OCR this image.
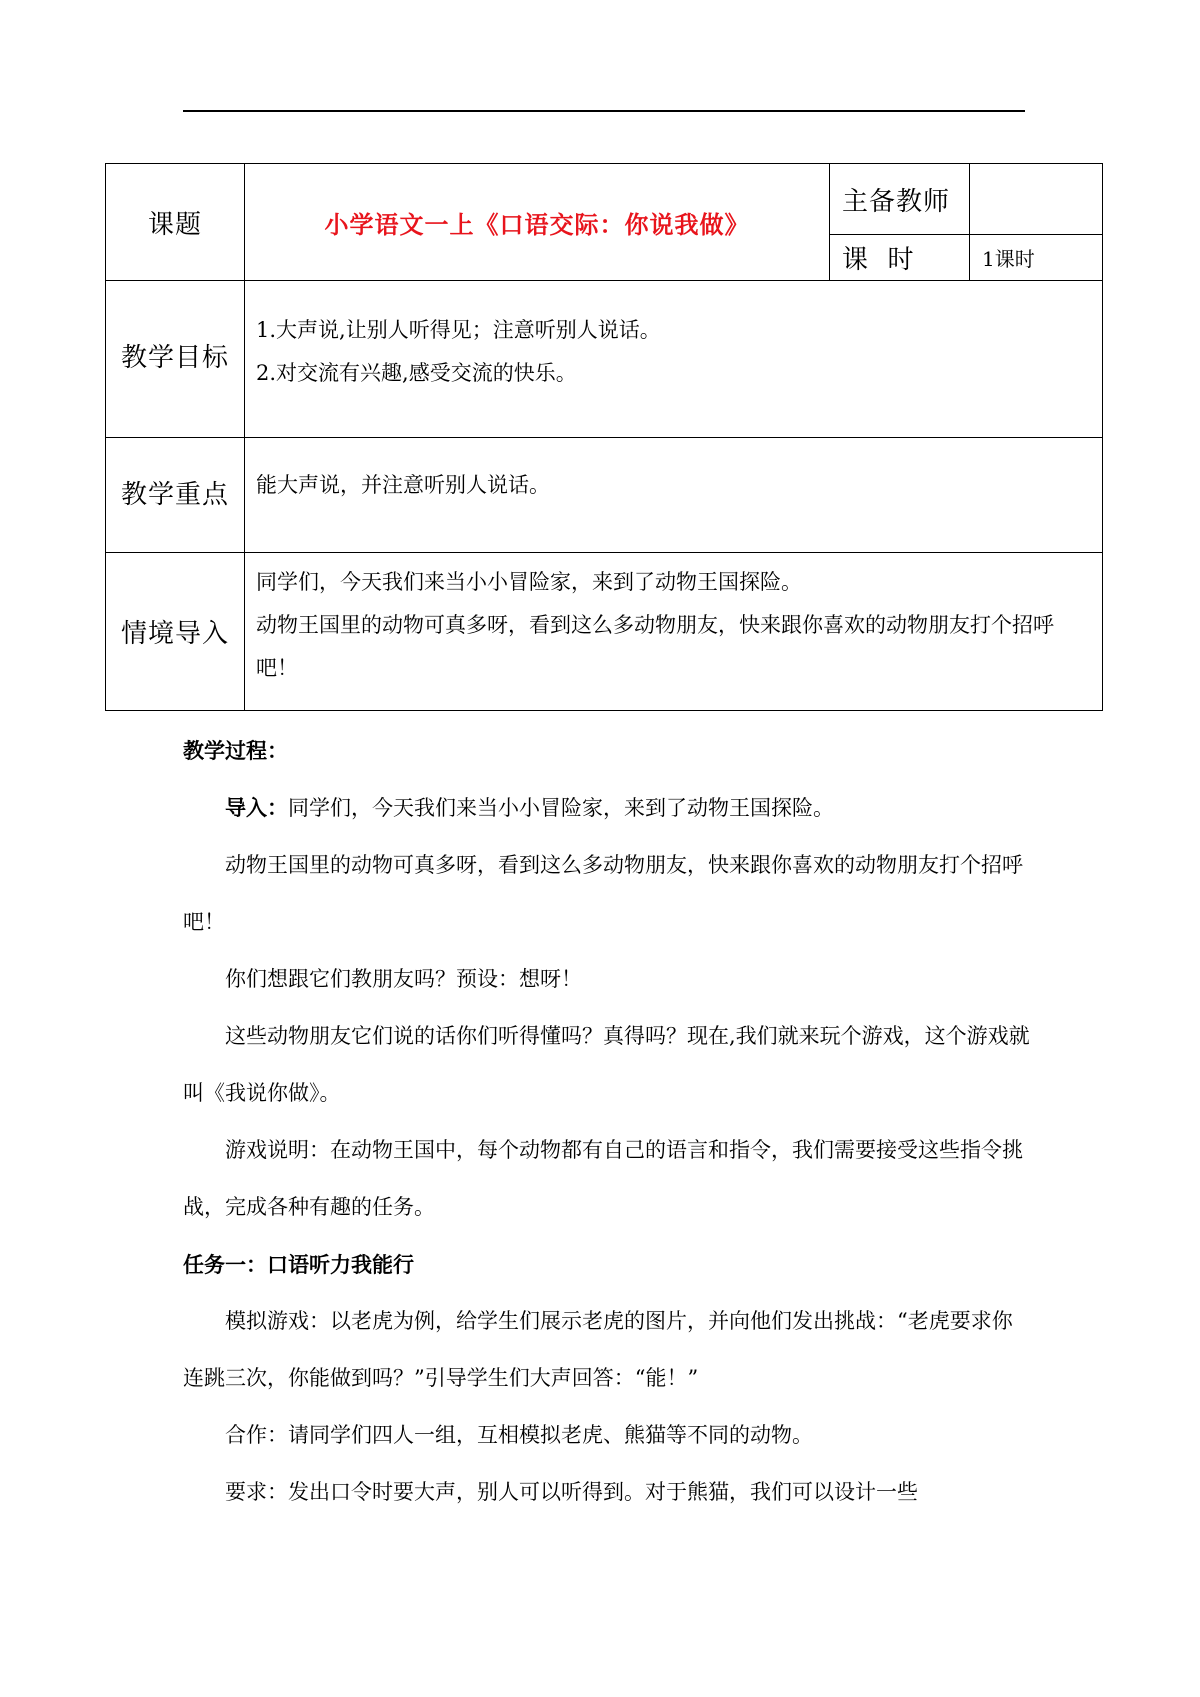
课题	小学语文一上《口语交际：你说我做》	主备教师	
		课  时	1课时
教学目标	1.大声说,让别人听得见；注意听别人说话。
2.对交流有兴趣,感受交流的快乐。		

教学重点	能大声说，并注意听别人说话。		
情境导入	同学们，今天我们来当小小冒险家，来到了动物王国探险。
动物王国里的动物可真多呀，看到这么多动物朋友，快来跟你喜欢的动物朋友打个招呼吧！		

教学过程：

导入：同学们，今天我们来当小小冒险家，来到了动物王国探险。

动物王国里的动物可真多呀，看到这么多动物朋友，快来跟你喜欢的动物朋友打个招呼吧！

你们想跟它们教朋友吗？预设：想呀！

这些动物朋友它们说的话你们听得懂吗？真得吗？现在,我们就来玩个游戏，这个游戏就叫《我说你做》。

游戏说明：在动物王国中，每个动物都有自己的语言和指令，我们需要接受这些指令挑战，完成各种有趣的任务。

任务一：口语听力我能行

模拟游戏：以老虎为例，给学生们展示老虎的图片，并向他们发出挑战：“老虎要求你连跳三次，你能做到吗？”引导学生们大声回答：“能！”

合作：请同学们四人一组，互相模拟老虎、熊猫等不同的动物。

要求：发出口令时要大声，别人可以听得到。对于熊猫，我们可以设计一些
